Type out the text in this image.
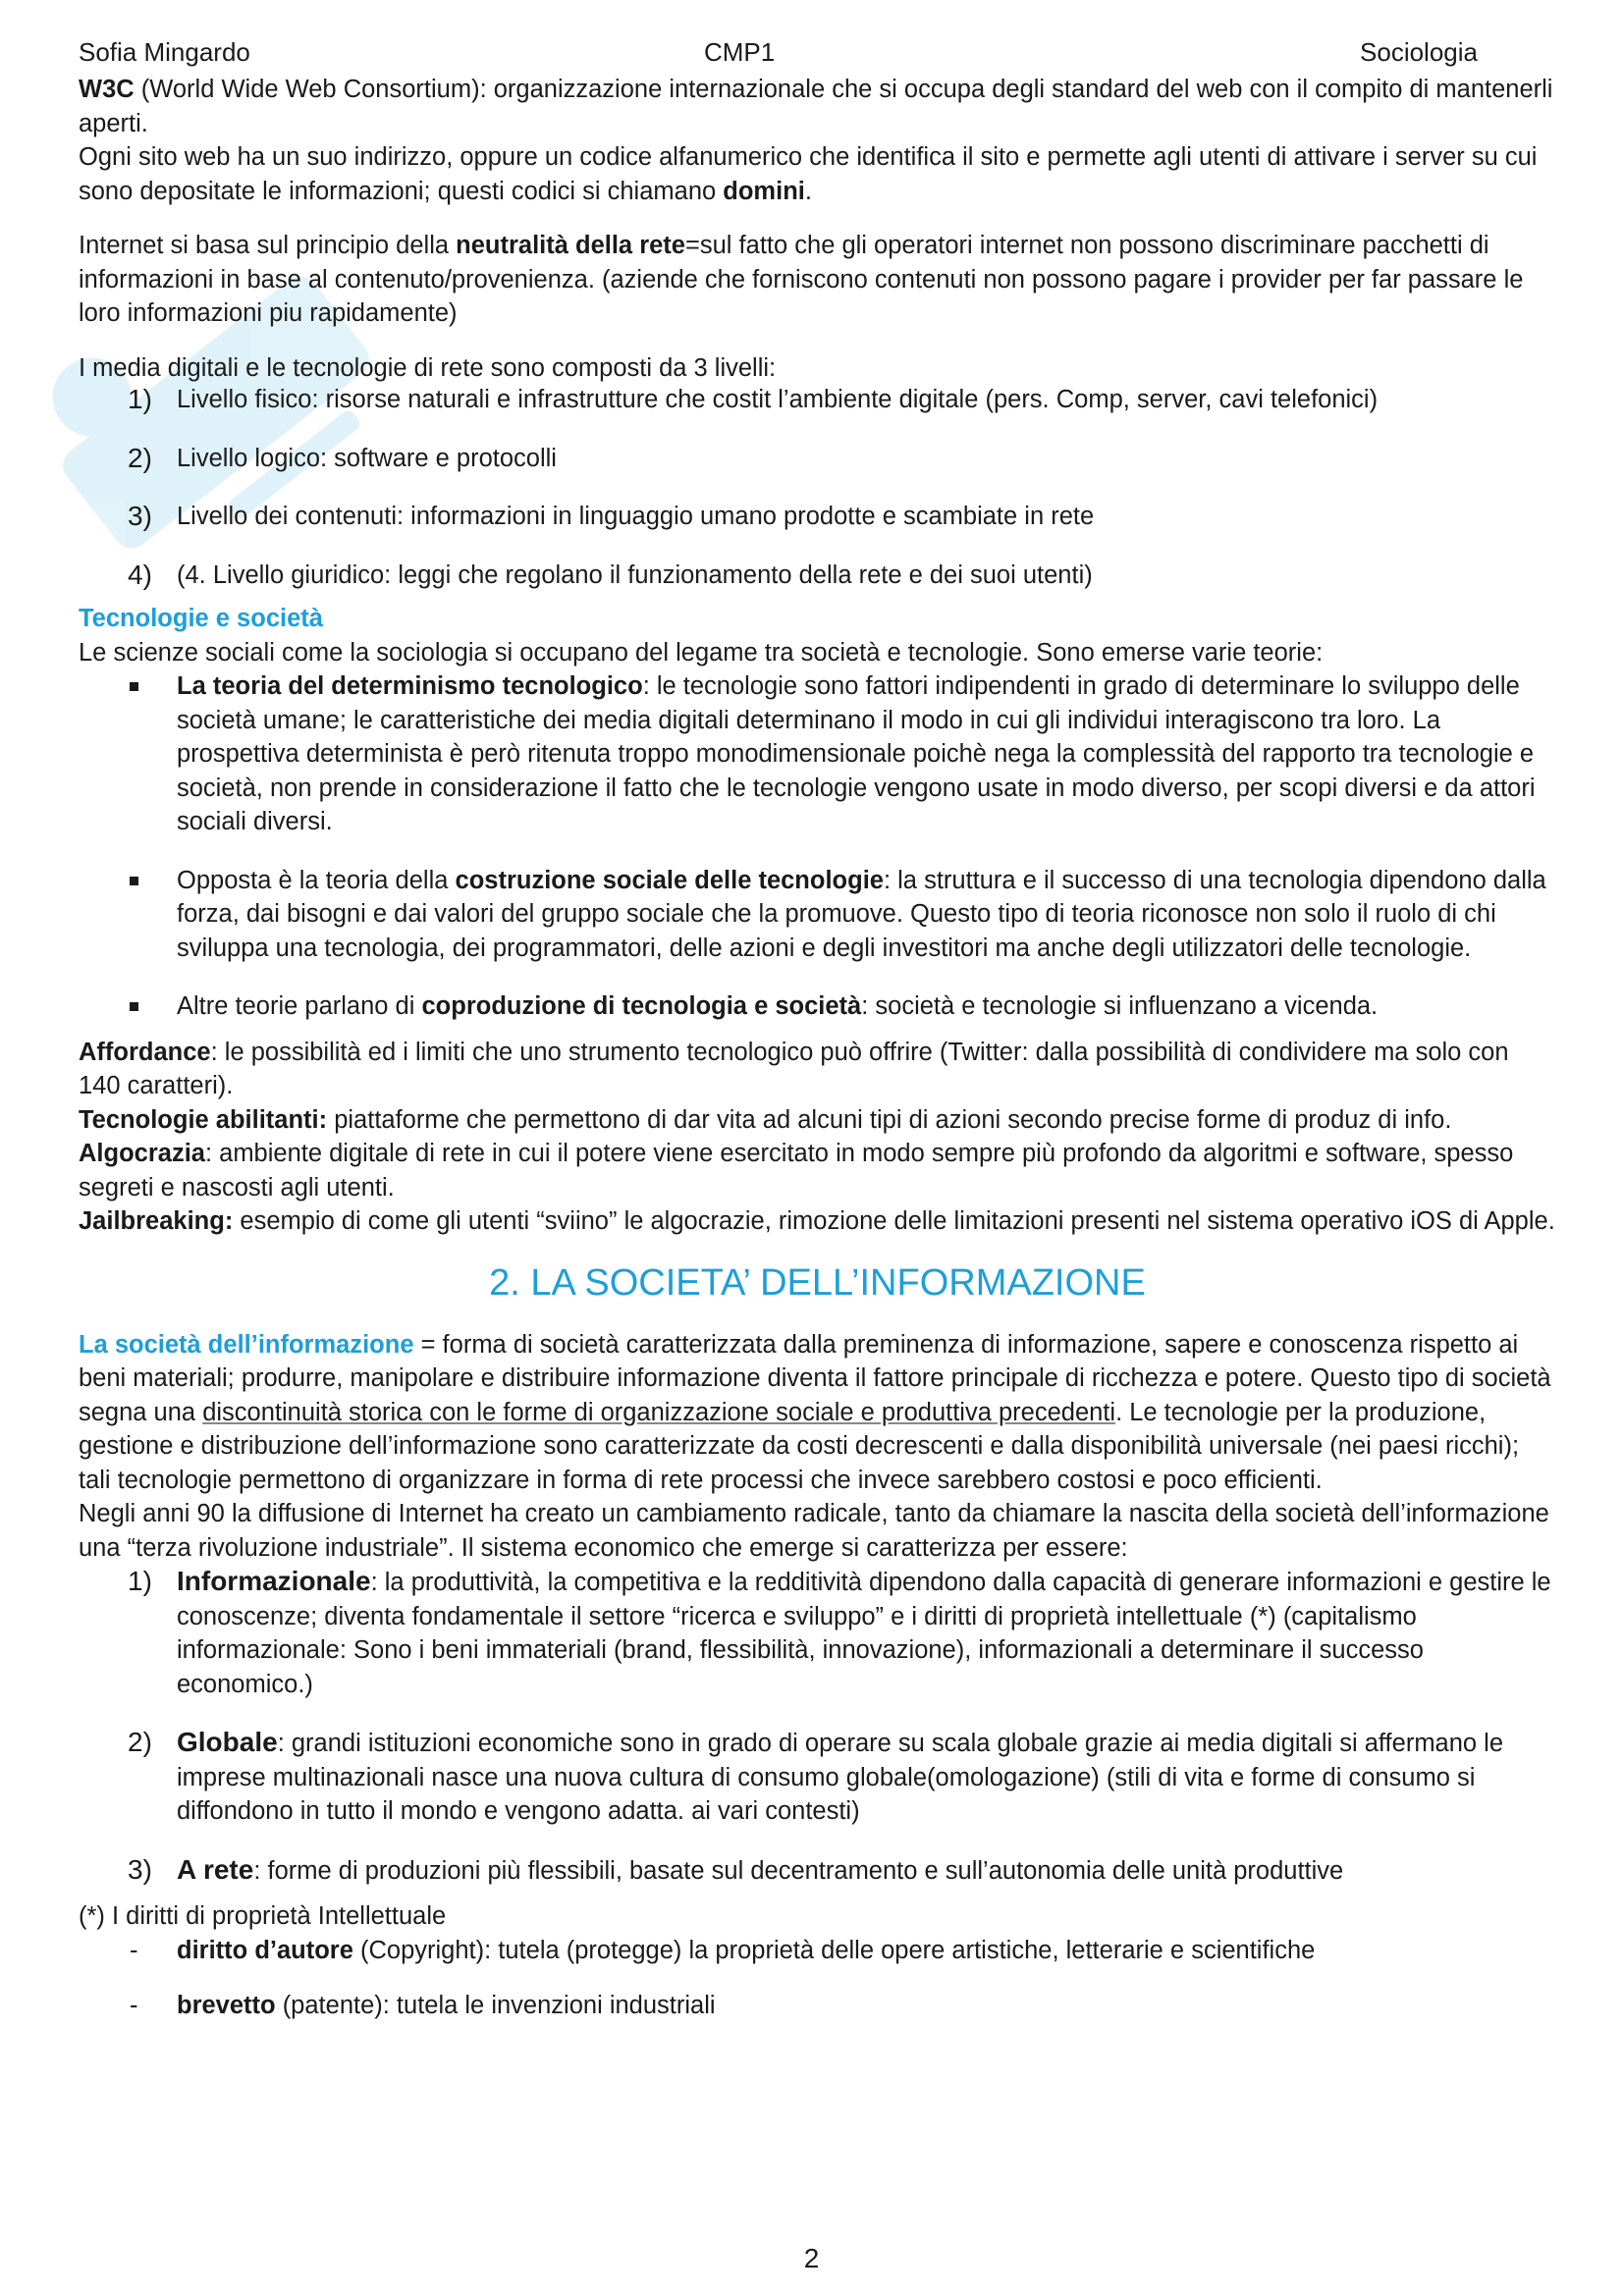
Sofia Mingardo	CMP1	Sociologia

W3C (World Wide Web Consortium): organizzazione internazionale che si occupa degli standard del web con il compito di mantenerli aperti.

Ogni sito web ha un suo indirizzo, oppure un codice alfanumerico che identifica il sito e permette agli utenti di attivare i server su cui sono depositate le informazioni; questi codici si chiamano domini.

Internet si basa sul principio della neutralità della rete=sul fatto che gli operatori internet non possono discriminare pacchetti di informazioni in base al contenuto/provenienza. (aziende che forniscono contenuti non possono pagare i provider per far passare le loro informazioni piu rapidamente)

I media digitali e le tecnologie di rete sono composti da 3 livelli:

1) Livello fisico: risorse naturali e infrastrutture che costit l’ambiente digitale (pers. Comp, server, cavi telefonici)
2) Livello logico: software e protocolli
3) Livello dei contenuti: informazioni in linguaggio umano prodotte e scambiate in rete
4) (4. Livello giuridico: leggi che regolano il funzionamento della rete e dei suoi utenti)

Tecnologie e società

Le scienze sociali come la sociologia si occupano del legame tra società e tecnologie. Sono emerse varie teorie:

La teoria del determinismo tecnologico: le tecnologie sono fattori indipendenti in grado di determinare lo sviluppo delle società umane; le caratteristiche dei media digitali determinano il modo in cui gli individui interagiscono tra loro. La prospettiva determinista è però ritenuta troppo monodimensionale poichè nega la complessità del rapporto tra tecnologie e società, non prende in considerazione il fatto che le tecnologie vengono usate in modo diverso, per scopi diversi e da attori sociali diversi.
Opposta è la teoria della costruzione sociale delle tecnologie: la struttura e il successo di una tecnologia dipendono dalla forza, dai bisogni e dai valori del gruppo sociale che la promuove. Questo tipo di teoria riconosce non solo il ruolo di chi sviluppa una tecnologia, dei programmatori, delle azioni e degli investitori ma anche degli utilizzatori delle tecnologie.
Altre teorie parlano di coproduzione di tecnologia e società: società e tecnologie si influenzano a vicenda.

Affordance: le possibilità ed i limiti che uno strumento tecnologico può offrire (Twitter: dalla possibilità di condividere ma solo con 140 caratteri).

Tecnologie abilitanti: piattaforme che permettono di dar vita ad alcuni tipi di azioni secondo precise forme di produz di info.

Algocrazia: ambiente digitale di rete in cui il potere viene esercitato in modo sempre più profondo da algoritmi e software, spesso segreti e nascosti agli utenti.

Jailbreaking: esempio di come gli utenti “sviino” le algocrazie, rimozione delle limitazioni presenti nel sistema operativo iOS di Apple.

2. LA SOCIETA’ DELL’INFORMAZIONE

La società dell’informazione = forma di società caratterizzata dalla preminenza di informazione, sapere e conoscenza rispetto ai beni materiali; produrre, manipolare e distribuire informazione diventa il fattore principale di ricchezza e potere. Questo tipo di società segna una discontinuità storica con le forme di organizzazione sociale e produttiva precedenti. Le tecnologie per la produzione, gestione e distribuzione dell’informazione sono caratterizzate da costi decrescenti e dalla disponibilità universale (nei paesi ricchi); tali tecnologie permettono di organizzare in forma di rete processi che invece sarebbero costosi e poco efficienti.

Negli anni 90 la diffusione di Internet ha creato un cambiamento radicale, tanto da chiamare la nascita della società dell’informazione una “terza rivoluzione industriale”. Il sistema economico che emerge si caratterizza per essere:

1) Informazionale: la produttività, la competitiva e la redditività dipendono dalla capacità di generare informazioni e gestire le conoscenze; diventa fondamentale il settore “ricerca e sviluppo” e i diritti di proprietà intellettuale (*) (capitalismo informazionale: Sono i beni immateriali (brand, flessibilità, innovazione), informazionali a determinare il successo economico.)
2) Globale: grandi istituzioni economiche sono in grado di operare su scala globale grazie ai media digitali si affermano le imprese multinazionali nasce una nuova cultura di consumo globale(omologazione) (stili di vita e forme di consumo si diffondono in tutto il mondo e vengono adatta. ai vari contesti)
3) A rete: forme di produzioni più flessibili, basate sul decentramento e sull’autonomia delle unità produttive

(*) I diritti di proprietà Intellettuale

- diritto d’autore (Copyright): tutela (protegge) la proprietà delle opere artistiche, letterarie e scientifiche
- brevetto (patente): tutela le invenzioni industriali
2
